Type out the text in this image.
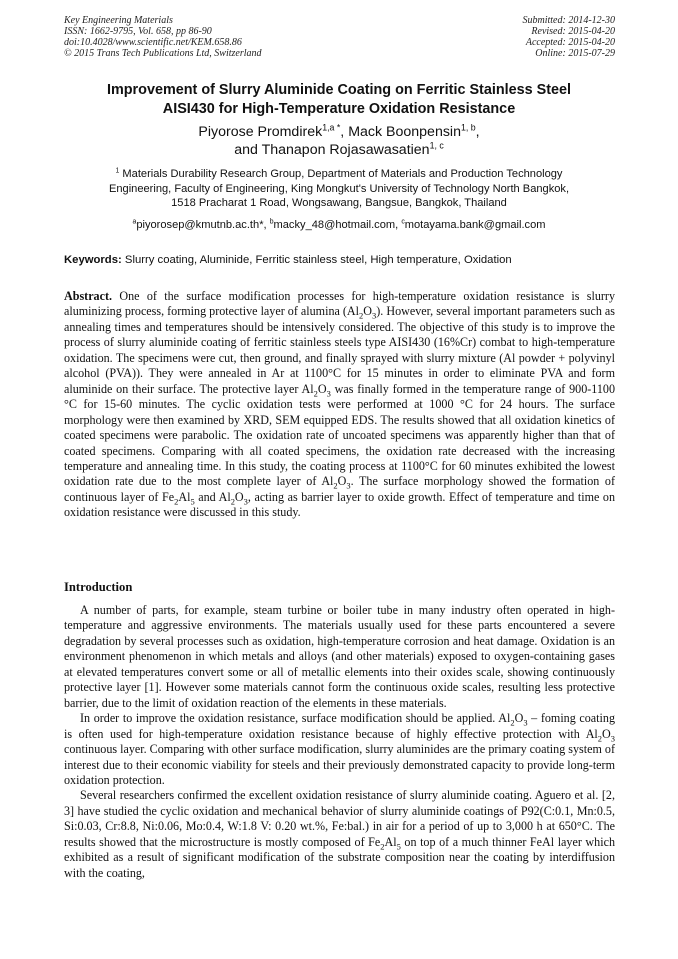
Key Engineering Materials
ISSN: 1662-9795, Vol. 658, pp 86-90
doi:10.4028/www.scientific.net/KEM.658.86
© 2015 Trans Tech Publications Ltd, Switzerland
Submitted: 2014-12-30
Revised: 2015-04-20
Accepted: 2015-04-20
Online: 2015-07-29
Improvement of Slurry Aluminide Coating on Ferritic Stainless Steel
AISI430 for High-Temperature Oxidation Resistance
Piyorose Promdirek$^{1,a *}$, Mack Boonpensin$^{1, b}$,
and Thanapon Rojasawasatien$^{1, c}$
$^1$ Materials Durability Research Group, Department of Materials and Production Technology
Engineering, Faculty of Engineering, King Mongkut's University of Technology North Bangkok,
1518 Pracharat 1 Road, Wongsawang, Bangsue, Bangkok, Thailand
$^a$piyorosep@kmutnb.ac.th*, $^b$macky_48@hotmail.com, $^c$motayama.bank@gmail.com
Keywords: Slurry coating, Aluminide, Ferritic stainless steel, High temperature, Oxidation
Abstract. One of the surface modification processes for high-temperature oxidation resistance is slurry aluminizing process, forming protective layer of alumina $(Al_2O_3)$. However, several important parameters such as annealing times and temperatures should be intensively considered. The objective of this study is to improve the process of slurry aluminide coating of ferritic stainless steels type AISI430 (16%Cr) combat to high-temperature oxidation. The specimens were cut, then ground, and finally sprayed with slurry mixture (Al powder + polyvinyl alcohol (PVA)). They were annealed in Ar at 1100°C for 15 minutes in order to eliminate PVA and form aluminide on their surface. The protective layer $Al_2O_3$ was finally formed in the temperature range of 900-1100 °C for 15-60 minutes. The cyclic oxidation tests were performed at 1000 °C for 24 hours. The surface morphology were then examined by XRD, SEM equipped EDS. The results showed that all oxidation kinetics of coated specimens were parabolic. The oxidation rate of uncoated specimens was apparently higher than that of coated specimens. Comparing with all coated specimens, the oxidation rate decreased with the increasing temperature and annealing time. In this study, the coating process at 1100°C for 60 minutes exhibited the lowest oxidation rate due to the most complete layer of $Al_2O_3$. The surface morphology showed the formation of continuous layer of $Fe_2Al_5$ and $Al_2O_3$, acting as barrier layer to oxide growth. Effect of temperature and time on oxidation resistance were discussed in this study.
Introduction

A number of parts, for example, steam turbine or boiler tube in many industry often operated in high-temperature and aggressive environments. The materials usually used for these parts encountered a severe degradation by several processes such as oxidation, high-temperature corrosion and heat damage. Oxidation is an environment phenomenon in which metals and alloys (and other materials) exposed to oxygen-containing gases at elevated temperatures convert some or all of metallic elements into their oxides scale, showing continuously protective layer [1]. However some materials cannot form the continuous oxide scales, resulting less protective barrier, due to the limit of oxidation reaction of the elements in these materials.

In order to improve the oxidation resistance, surface modification should be applied. $Al_2O_3$ – foming coating is often used for high-temperature oxidation resistance because of highly effective protection with $Al_2O_3$ continuous layer. Comparing with other surface modification, slurry aluminides are the primary coating system of interest due to their economic viability for steels and their previously demonstrated capacity to provide long-term oxidation protection.

Several researchers confirmed the excellent oxidation resistance of slurry aluminide coating. Aguero et al. [2, 3] have studied the cyclic oxidation and mechanical behavior of slurry aluminide coatings of P92(C:0.1, Mn:0.5, Si:0.03, Cr:8.8, Ni:0.06, Mo:0.4, W:1.8 V: 0.20 wt.%, Fe:bal.) in air for a period of up to 3,000 h at 650°C. The results showed that the microstructure is mostly composed of $Fe_2Al_5$ on top of a much thinner FeAl layer which exhibited as a result of significant modification of the substrate composition near the coating by interdiffusion with the coating,
